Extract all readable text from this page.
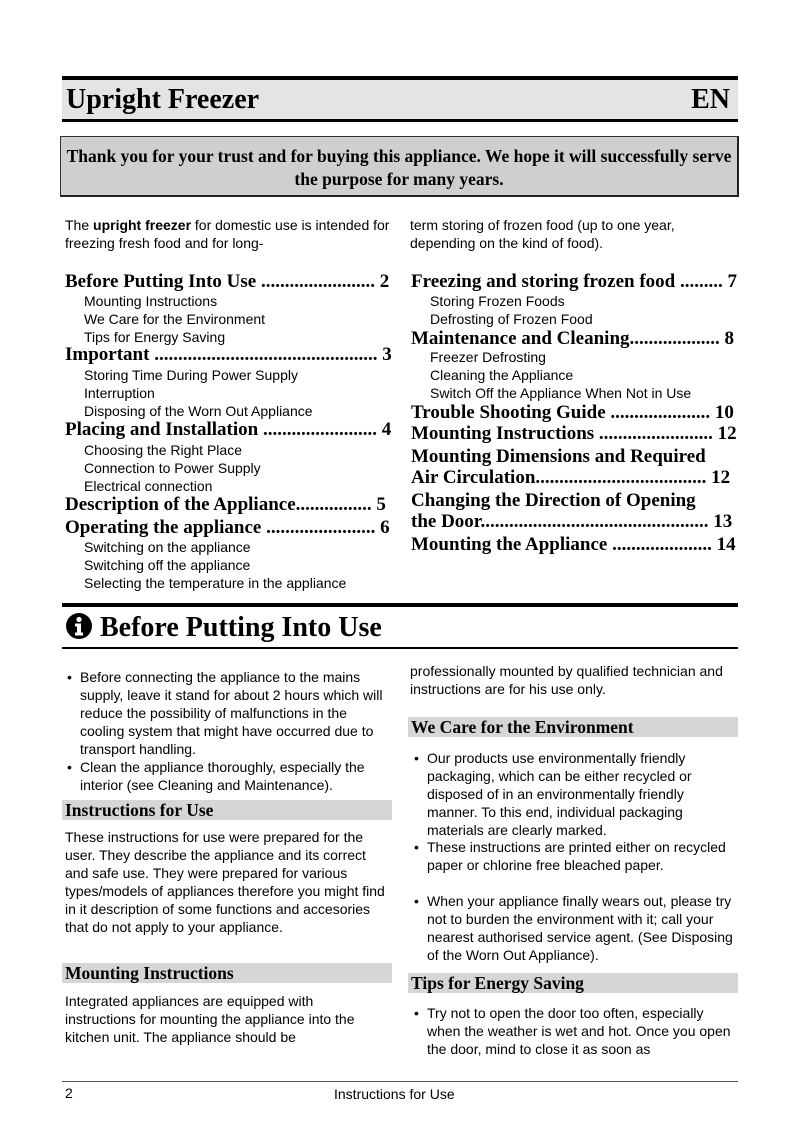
Upright Freezer	EN
Thank you for your trust and for buying this appliance. We hope it will successfully serve the purpose for many years.
The upright freezer for domestic use is intended for freezing fresh food and for long-
term storing of frozen food (up to one year, depending on the kind of food).
Before Putting Into Use ........................ 2
Mounting Instructions
We Care for the Environment
Tips for Energy Saving
Important ............................................... 3
Storing Time During Power Supply
Interruption
Disposing of the Worn Out Appliance
Placing and Installation ........................ 4
Choosing the Right Place
Connection to Power Supply
Electrical connection
Description of the Appliance................ 5
Operating the appliance ....................... 6
Switching on the appliance
Switching off the appliance
Selecting the temperature in the appliance
Freezing and storing frozen food ......... 7
Storing Frozen Foods
Defrosting of Frozen Food
Maintenance and Cleaning................... 8
Freezer Defrosting
Cleaning the Appliance
Switch Off the Appliance When Not in Use
Trouble Shooting Guide ..................... 10
Mounting Instructions ........................ 12
Mounting Dimensions and Required
Air Circulation.................................... 12
Changing the Direction of Opening
the Door................................................ 13
Mounting the Appliance ..................... 14
Before Putting Into Use
• Before connecting the appliance to the mains supply, leave it stand for about 2 hours which will reduce the possibility of malfunctions in the cooling system that might have occurred due to transport handling.
• Clean the appliance thoroughly, especially the interior (see Cleaning and Maintenance).
Instructions for Use
These instructions for use were prepared for the user. They describe the appliance and its correct and safe use. They were prepared for various types/models of appliances therefore you might find in it description of some functions and accesories that do not apply to your appliance.
Mounting Instructions
Integrated appliances are equipped with instructions for mounting the appliance into the kitchen unit. The appliance should be
professionally mounted by qualified technician and instructions are for his use only.
We Care for the Environment
• Our products use environmentally friendly packaging, which can be either recycled or disposed of in an environmentally friendly manner. To this end, individual packaging materials are clearly marked.
• These instructions are printed either on recycled paper or chlorine free bleached paper.
• When your appliance finally wears out, please try not to burden the environment with it; call your nearest authorised service agent. (See Disposing of the Worn Out Appliance).
Tips for Energy Saving
• Try not to open the door too often, especially when the weather is wet and hot. Once you open the door, mind to close it as soon as
2	Instructions for Use
